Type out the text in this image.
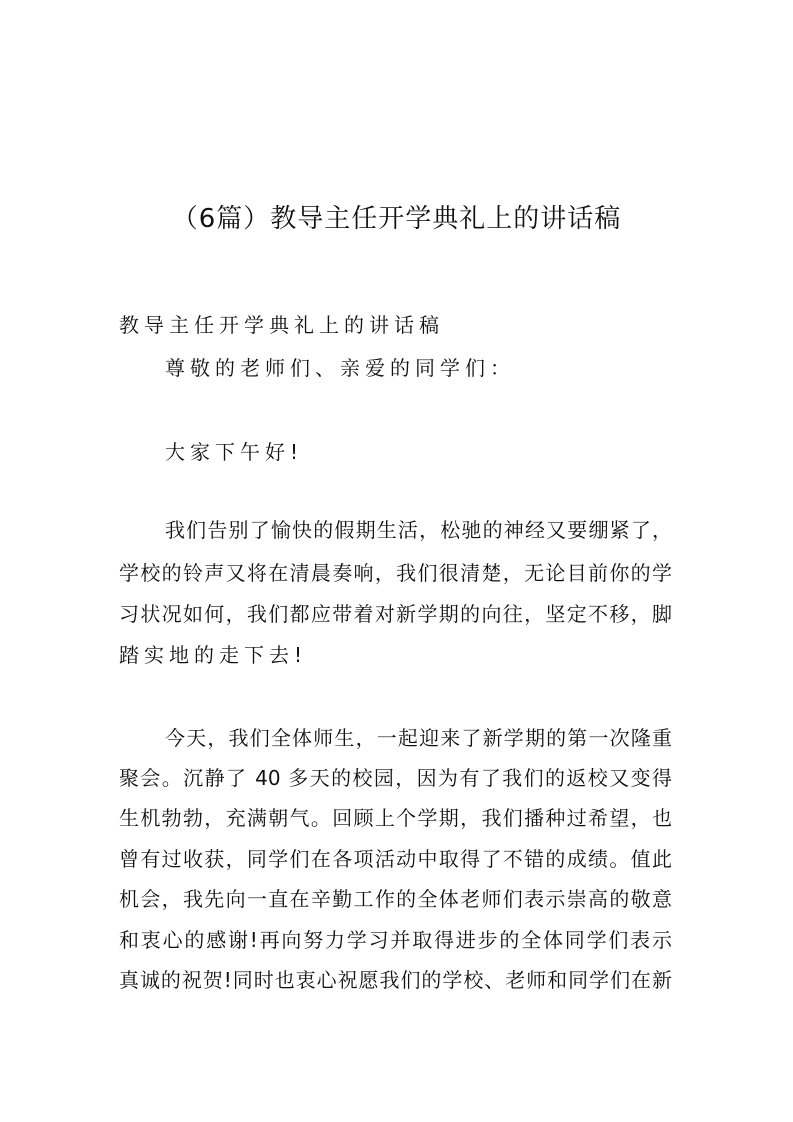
（6篇）教导主任开学典礼上的讲话稿
教导主任开学典礼上的讲话稿
尊敬的老师们、亲爱的同学们：
大家下午好!
我们告别了愉快的假期生活，松驰的神经又要绷紧了，
学校的铃声又将在清晨奏响，我们很清楚，无论目前你的学
习状况如何，我们都应带着对新学期的向往，坚定不移，脚
踏实地的走下去!
今天，我们全体师生，一起迎来了新学期的第一次隆重
聚会。沉静了 40 多天的校园，因为有了我们的返校又变得
生机勃勃，充满朝气。回顾上个学期，我们播种过希望，也
曾有过收获，同学们在各项活动中取得了不错的成绩。值此
机会，我先向一直在辛勤工作的全体老师们表示崇高的敬意
和衷心的感谢!再向努力学习并取得进步的全体同学们表示
真诚的祝贺!同时也衷心祝愿我们的学校、老师和同学们在新
